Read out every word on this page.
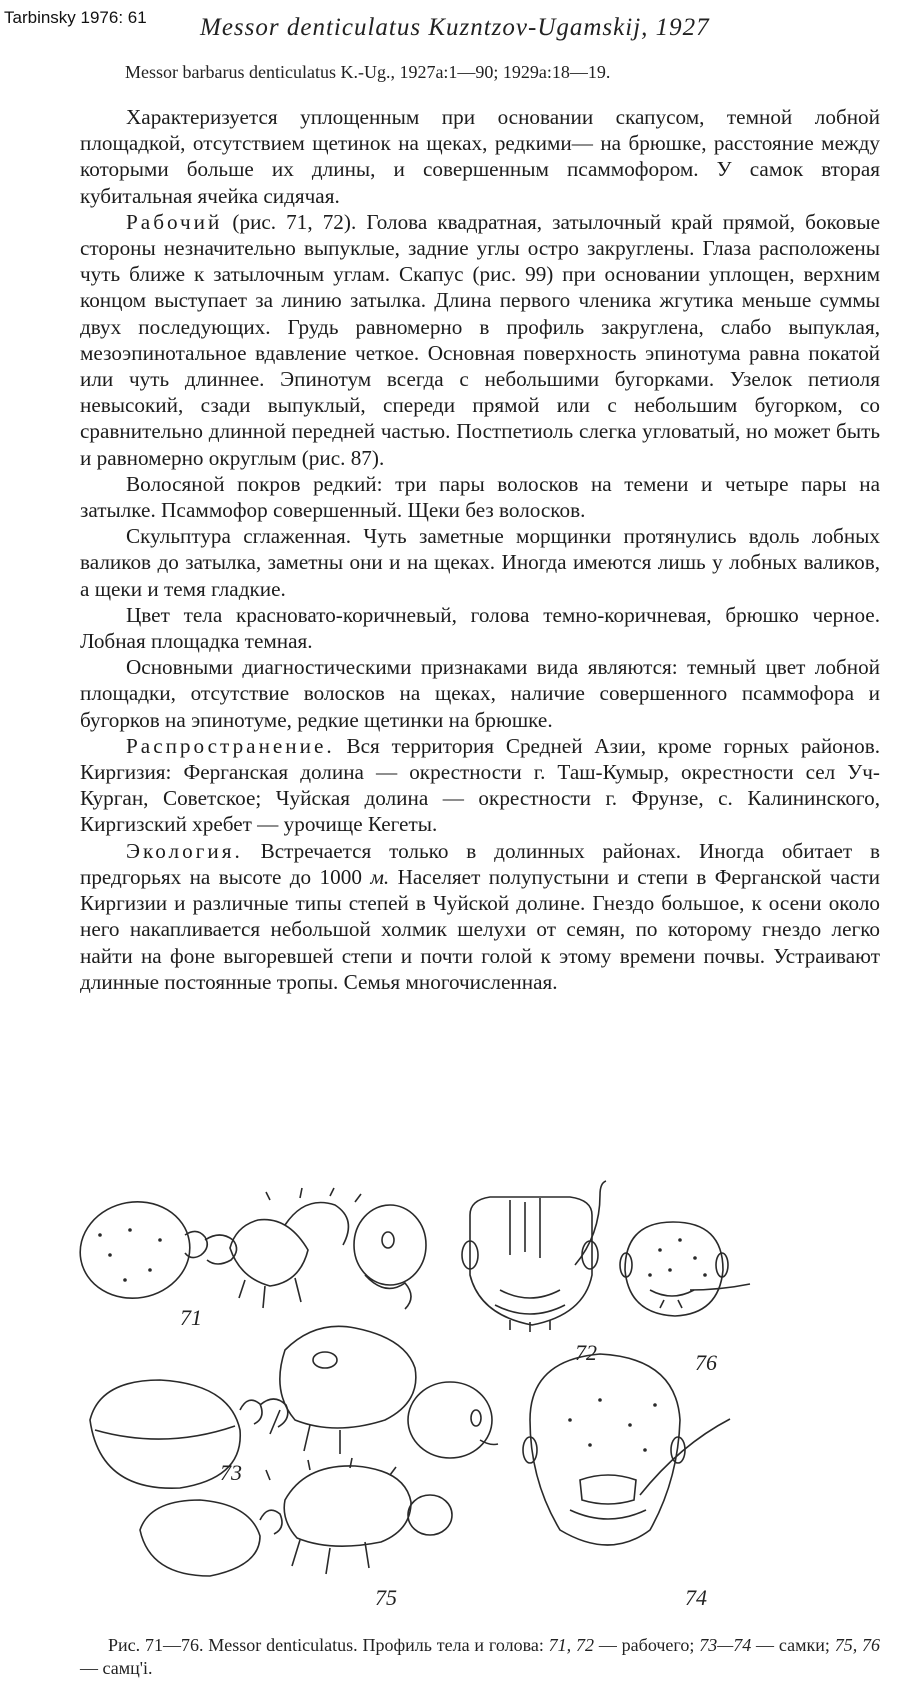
Tarbinsky 1976: 61 Messor denticulatus Kuzntzov-Ugamskij, 1927
Messor barbarus denticulatus K.-Ug., 1927a:1—90; 1929a:18—19.

Характеризуется уплощенным при основании скапусом, темной лобной площадкой, отсутствием щетинок на щеках, редкими— на брюшке, расстояние между которыми больше их длины, и совершенным псаммофором. У самок вторая кубитальная ячейка сидячая.

Рабочий (рис. 71, 72). Голова квадратная, затылочный край прямой, боковые стороны незначительно выпуклые, задние углы остро закруглены. Глаза расположены чуть ближе к затылочным углам. Скапус (рис. 99) при основании уплощен, верхним концом выступает за линию затылка. Длина первого членика жгутика меньше суммы двух последующих. Грудь равномерно в профиль закруглена, слабо выпуклая, мезоэпинотальное вдавление четкое. Основная поверхность эпинотума равна покатой или чуть длиннее. Эпинотум всегда с небольшими бугорками. Узелок петиоля невысокий, сзади выпуклый, спереди прямой или с небольшим бугорком, со сравнительно длинной передней частью. Постпетиоль слегка угловатый, но может быть и равномерно округлым (рис. 87).

Волосяной покров редкий: три пары волосков на темени и четыре пары на затылке. Псаммофор совершенный. Щеки без волосков.

Скульптура сглаженная. Чуть заметные морщинки протянулись вдоль лобных валиков до затылка, заметны они и на щеках. Иногда имеются лишь у лобных валиков, а щеки и темя гладкие.

Цвет тела красновато-коричневый, голова темно-коричневая, брюшко черное. Лобная площадка темная.

Основными диагностическими признаками вида являются: темный цвет лобной площадки, отсутствие волосков на щеках, наличие совершенного псаммофора и бугорков на эпинотуме, редкие щетинки на брюшке.

Распространение. Вся территория Средней Азии, кроме горных районов. Киргизия: Ферганская долина — окрестности г. Таш-Кумыр, окрестности сел Уч-Курган, Советское; Чуйская долина — окрестности г. Фрунзе, с. Калининского, Киргизский хребет — урочище Кегеты.

Экология. Встречается только в долинных районах. Иногда обитает в предгорьях на высоте до 1000 м. Населяет полупустыни и степи в Ферганской части Киргизии и различные типы степей в Чуйской долине. Гнездо большое, к осени около него накапливается небольшой холмик шелухи от семян, по которому гнездо легко найти на фоне выгоревшей степи и почти голой к этому времени почвы. Устраивают длинные постоянные тропы. Семья многочисленная.

71
72	76
73
74
75

Рис. 71—76. Messor denticulatus. Профиль тела и голова: 71, 72 — рабочего; 73—74 — самки; 75, 76 — самц'i.
